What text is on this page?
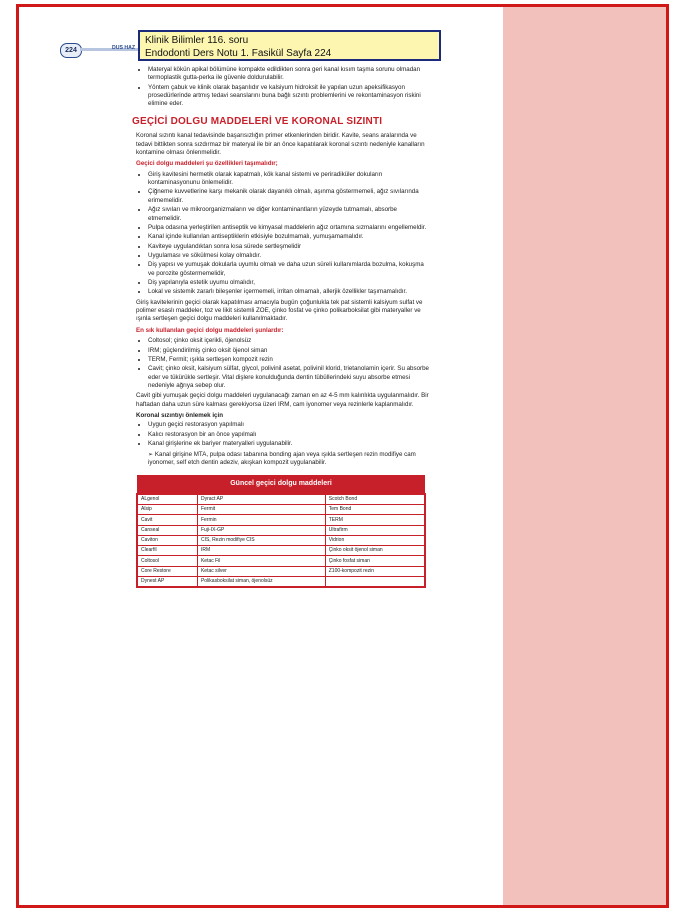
224	DUS HAZ
Klinik Bilimler 116. soru
Endodonti Ders Notu 1. Fasikül Sayfa 224
• Materyal kökün apikal bölümüne kompakte edildikten sonra geri kanal kısım taşma sorunu olmadan termoplastik gutta-perka ile güvenle doldurulabilir.
• Yöntem çabuk ve klinik olarak başarılıdır ve kalsiyum hidroksit ile yapılan uzun apeksifikasyon prosedürlerinde artmış tedavi seanslarını buna bağlı sızıntı problemlerini ve rekontaminasyon riskini elimine eder.
GEÇİCİ DOLGU MADDELERİ VE KORONAL SIZINTI

Koronal sızıntı kanal tedavisinde başarısızlığın primer etkenlerinden biridir. Kavite, seans aralarında ve tedavi bittikten sonra sızdırmaz bir materyal ile bir an önce kapatılarak koronal sızıntı nedeniyle kanalların kontamine olması önlenmelidir.

Geçici dolgu maddeleri şu özellikleri taşımalıdır;
• Giriş kavitesini hermetik olarak kapatmalı, kök kanal sistemi ve periradiküler dokuların kontaminasyonunu önlemelidir.
• Çiğneme kuvvetlerine karşı mekanik olarak dayanıklı olmalı, aşınma göstermemeli, ağız sıvılarında erimemelidir.
• Ağız sıvıları ve mikroorganizmaların ve diğer kontaminantların yüzeyde tutmamalı, absorbe etmemelidir.
• Pulpa odasına yerleştirilen antiseptik ve kimyasal maddelerin ağız ortamına sızmalarını engellemeldir.
• Kanal içinde kullanılan antiseptiklerin etkisiyle bozulmamalı, yumuşamamalıdır.
• Kaviteye uygulandıktan sonra kısa sürede sertleşmelidir
• Uygulaması ve sökülmesi kolay olmalıdır.
• Diş yapısı ve yumuşak dokularla uyumlu olmalı ve daha uzun süreli kullanımlarda bozulma, kokuşma ve porozite göstermemelidir,
• Diş yapılanıyla estetik uyumu olmalıdır,
• Lokal ve sistemik zararlı bileşenler içermemeli, irritan olmamalı, allerjik özellikler taşımamalıdır.

Giriş kavitelerinin geçici olarak kapatılması amacıyla bugün çoğunlukla tek pat sistemli kalsiyum sulfat ve polimer esaslı maddeler, toz ve likit sistemli ZOE, çinko fosfat ve çinko polikarboksilat gibi materyaller ve ışınla sertleşen geçici dolgu maddeleri kullanılmaktadır.

En sık kullanılan geçici dolgu maddeleri şunlardır:
• Coltosol; çinko oksit içerikli, öjenolsüz
• IRM; güçlendirilmiş çinko oksit öjenol siman
• TERM, Fermit; ışıkla sertleşen kompozit rezin
• Cavit; çinko oksit, kalsiyum sülfat, glycol, polivinil asetat, polivinil klorid, trietanolamin içerir. Su absorbe eder ve tükürükle sertleşir. Vital dişlere konulduğunda dentin tübüllerindeki suyu absorbe etmesi nedeniyle ağrıya sebep olur.

Cavit gibi yumuşak geçici dolgu maddeleri uygulanacağı zaman en az 4-5 mm kalınlıkta uygulanmalıdır. Bir haftadan daha uzun süre kalması gerekiyorsa üzeri IRM, cam iyonomer veya rezinlerle kaplanmalıdır.

Koronal sızıntıyı önlemek için
• Uygun geçici restorasyon yapılmalı
• Kalıcı restorasyon bir an önce yapılmalı
• Kanal girişlerine ek bariyer materyalleri uygulanabilir.
➢ Kanal girişine MTA, pulpa odası tabanına bonding ajan veya ışıkla sertleşen rezin modifiye cam iyonomer, self etch dentin adeziv, akışkan kompozit uygulanabilir.
Güncel geçici dolgu maddeleri		
ALgenol	Dyract AP	Scotch Bond
Alsip	Fermit	Tem Bond
Cavit	Fermin	TERM
Canseal	Fuji-IX-GP	Ultrafirm
Caviton	CIS, Rezin modifiye CIS	Vidrion
Clearfil	IRM	Çinko oksit öjenol siman
Coltosol	Ketac Fil	Çinko fosfat siman
Core Restore	Ketac silver	Z100-kompozit rezin
Dynest AP	Polikasboksilat siman, öjenolsüz	
